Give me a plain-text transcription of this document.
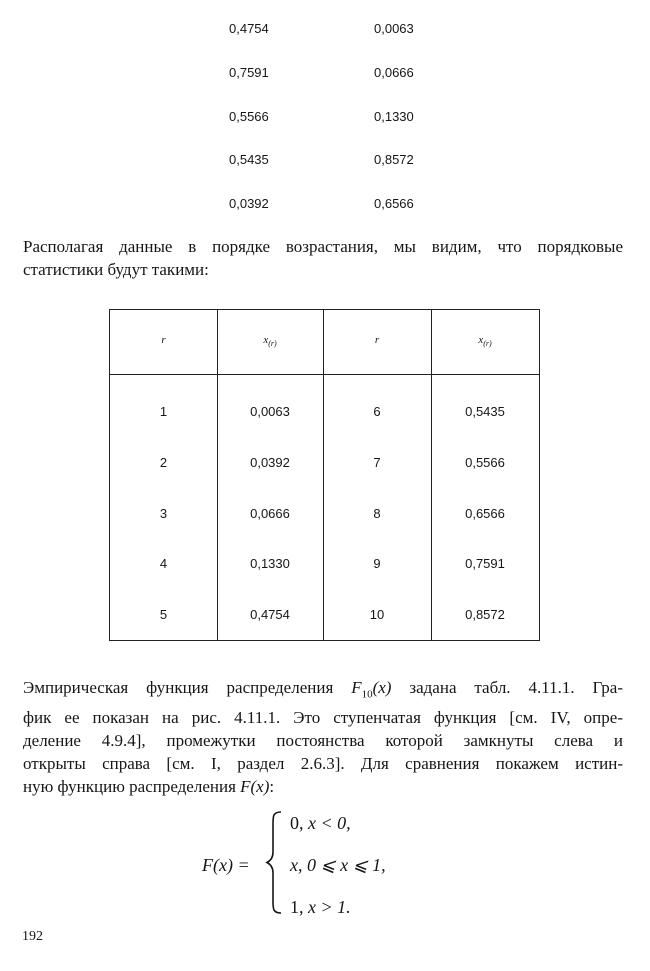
0,4754	0,0063
0,7591	0,0666
0,5566	0,1330
0,5435	0,8572
0,0392	0,6566
Располагая данные в порядке возрастания, мы видим, что порядковые
статистики будут такими:
r	$x_{(r)}$	r	$x_{(r)}$
1	0,0063	6	0,5435
2	0,0392	7	0,5566
3	0,0666	8	0,6566
4	0,1330	9	0,7591
5	0,4754	10	0,8572
Эмпирическая функция распределения $F_{10}(x)$ задана табл. 4.11.1. Гра-
фик ее показан на рис. 4.11.1. Это ступенчатая функция [см. IV, опре-
деление 4.9.4], промежутки постоянства которой замкнуты слева и
открыты справа [см. I, раздел 2.6.3]. Для сравнения покажем истин-
ную функцию распределения F(x):
F(x) =
0, x < 0,
x, 0 ⩽ x ⩽ 1,
1, x > 1.
192
